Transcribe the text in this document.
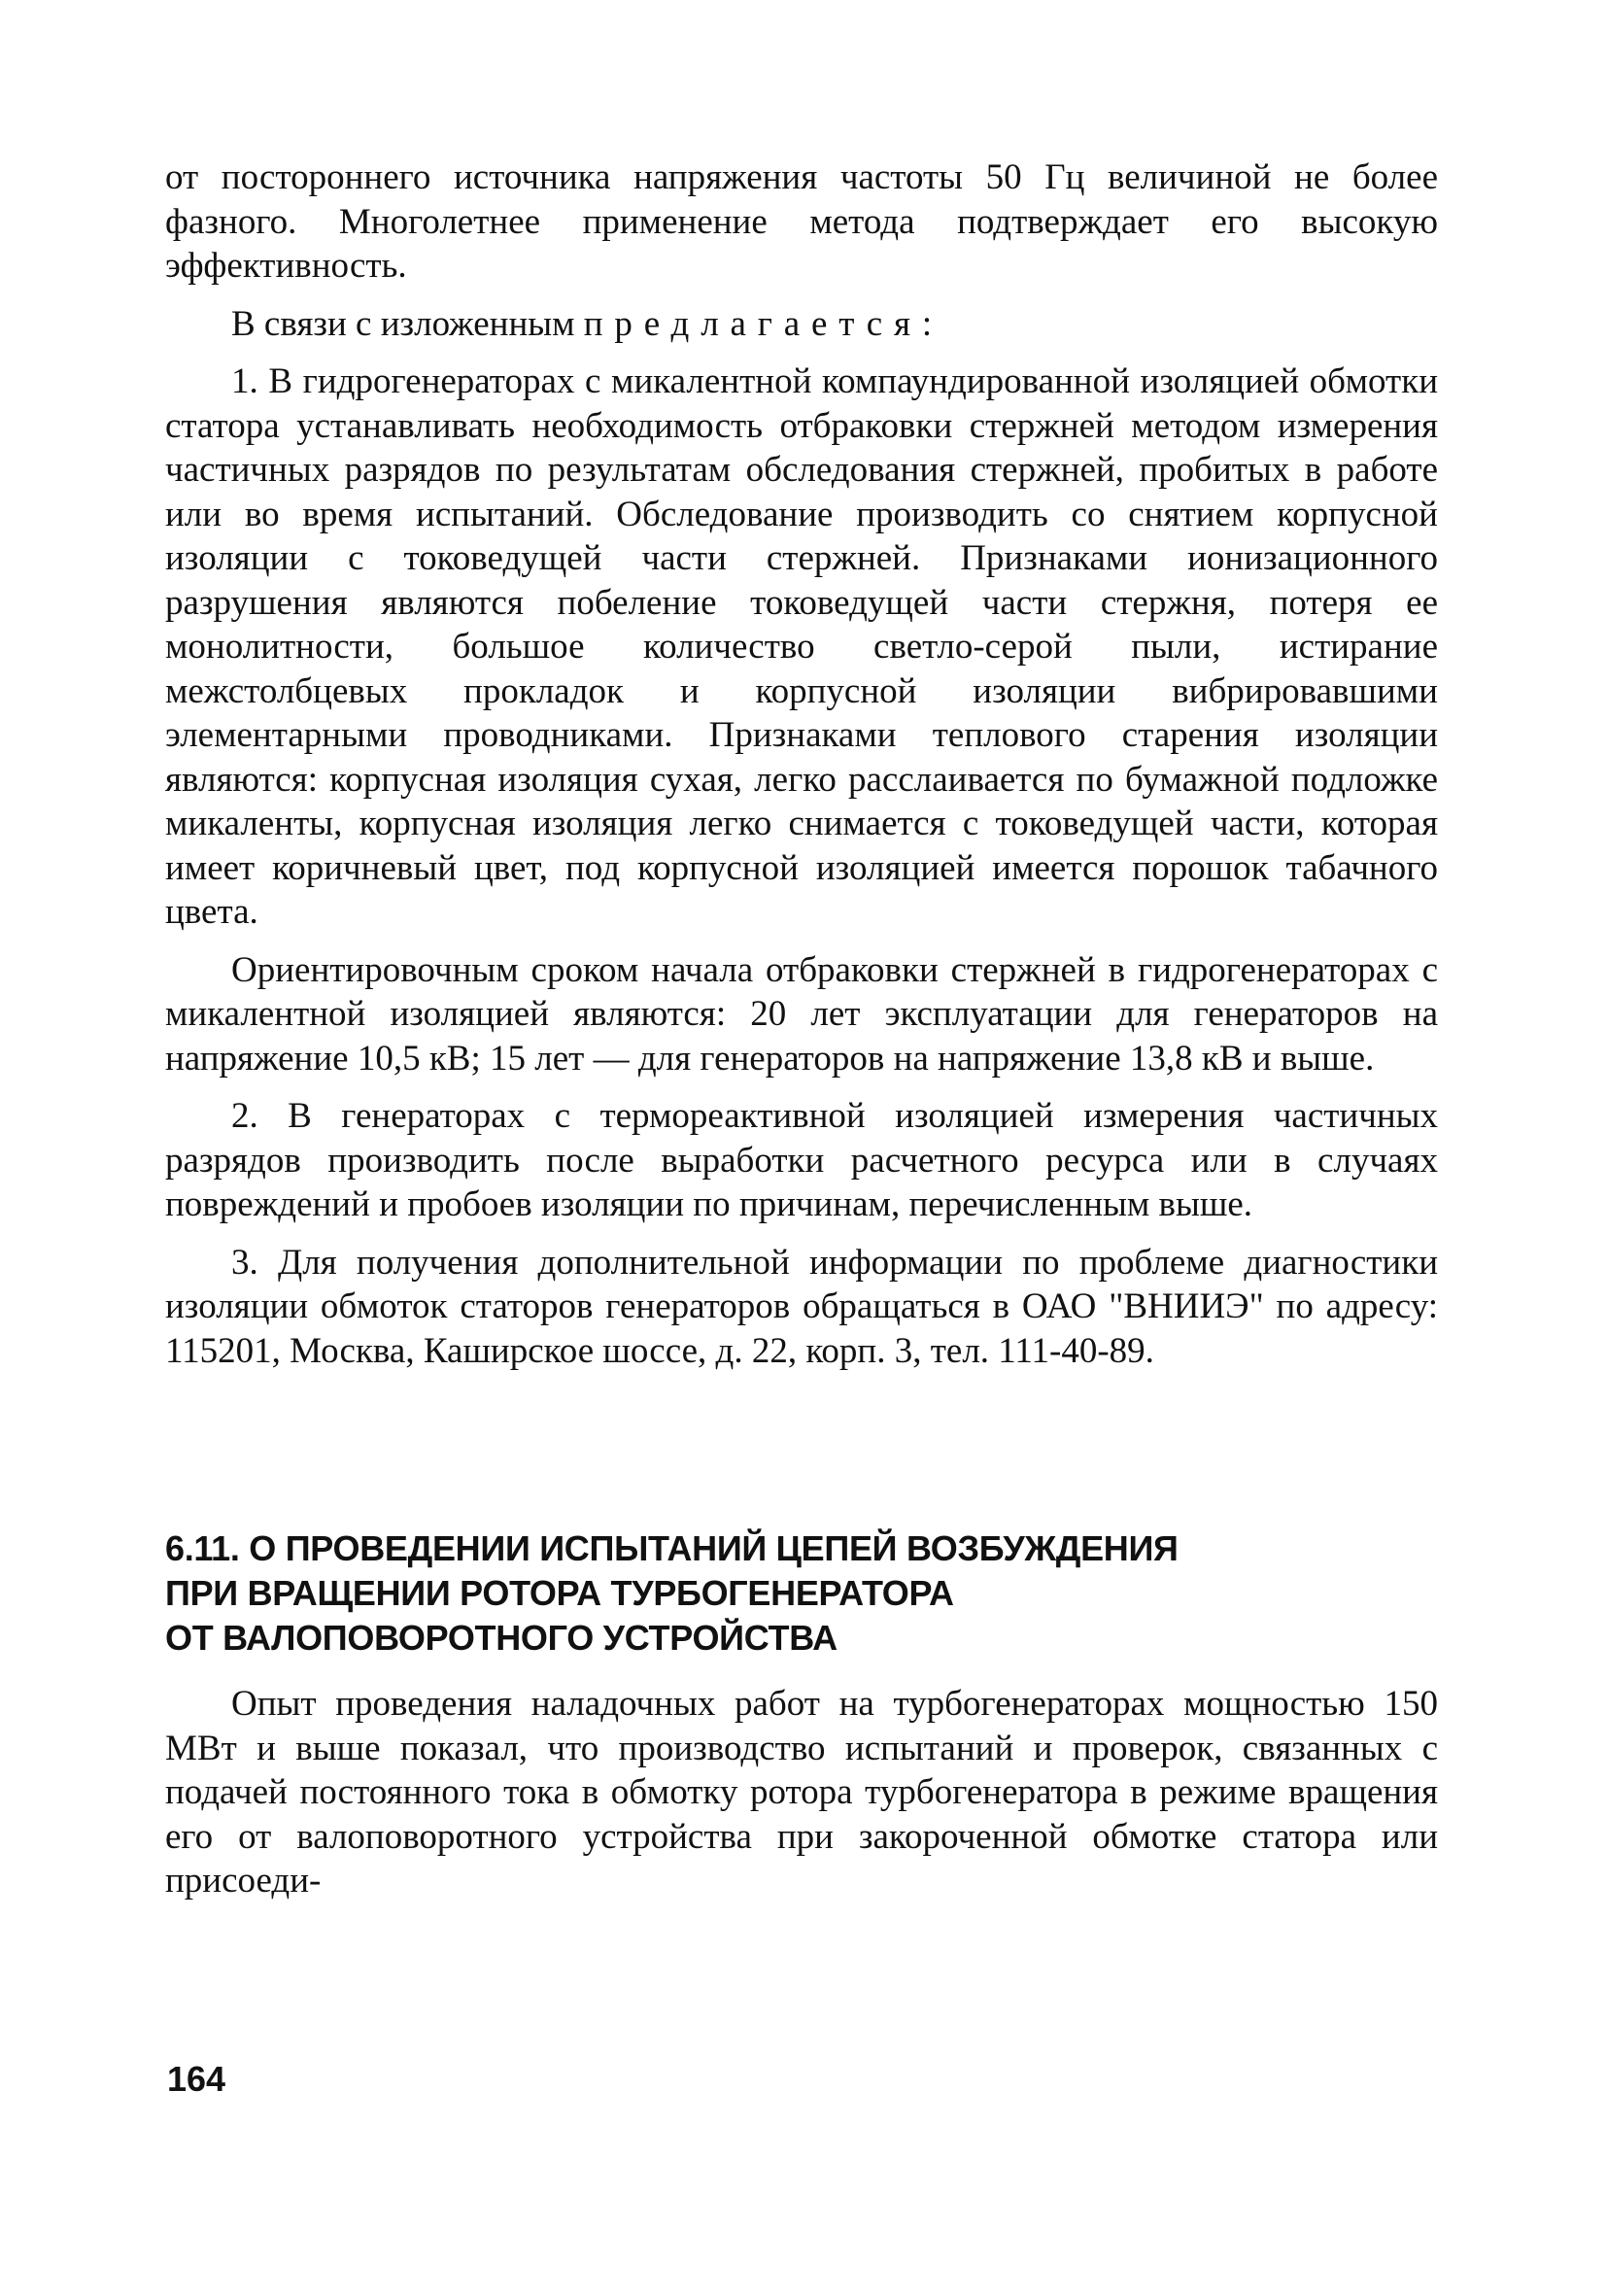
от постороннего источника напряжения частоты 50 Гц величиной не более фазного. Многолетнее применение метода подтверждает его высокую эффективность.

В связи с изложенным предлагается:

1. В гидрогенераторах с микалентной компаундированной изоляцией обмотки статора устанавливать необходимость отбраковки стержней методом измерения частичных разрядов по результатам обследования стержней, пробитых в работе или во время испытаний. Обследование производить со снятием корпусной изоляции с токоведущей части стержней. Признаками ионизационного разрушения являются побеление токоведущей части стержня, потеря ее монолитности, большое количество светло-серой пыли, истирание межстолбцевых прокладок и корпусной изоляции вибрировавшими элементарными проводниками. Признаками теплового старения изоляции являются: корпусная изоляция сухая, легко расслаивается по бумажной подложке микаленты, корпусная изоляция легко снимается с токоведущей части, которая имеет коричневый цвет, под корпусной изоляцией имеется порошок табачного цвета.

Ориентировочным сроком начала отбраковки стержней в гидрогенераторах с микалентной изоляцией являются: 20 лет эксплуатации для генераторов на напряжение 10,5 кВ; 15 лет — для генераторов на напряжение 13,8 кВ и выше.

2. В генераторах с термореактивной изоляцией измерения частичных разрядов производить после выработки расчетного ресурса или в случаях повреждений и пробоев изоляции по причинам, перечисленным выше.

3. Для получения дополнительной информации по проблеме диагностики изоляции обмоток статоров генераторов обращаться в ОАО "ВНИИЭ" по адресу: 115201, Москва, Каширское шоссе, д. 22, корп. 3, тел. 111-40-89.

6.11. О ПРОВЕДЕНИИ ИСПЫТАНИЙ ЦЕПЕЙ ВОЗБУЖДЕНИЯ
ПРИ ВРАЩЕНИИ РОТОРА ТУРБОГЕНЕРАТОРА
ОТ ВАЛОПОВОРОТНОГО УСТРОЙСТВА

Опыт проведения наладочных работ на турбогенераторах мощностью 150 МВт и выше показал, что производство испытаний и проверок, связанных с подачей постоянного тока в обмотку ротора турбогенератора в режиме вращения его от валоповоротного устройства при закороченной обмотке статора или присоеди-

164
